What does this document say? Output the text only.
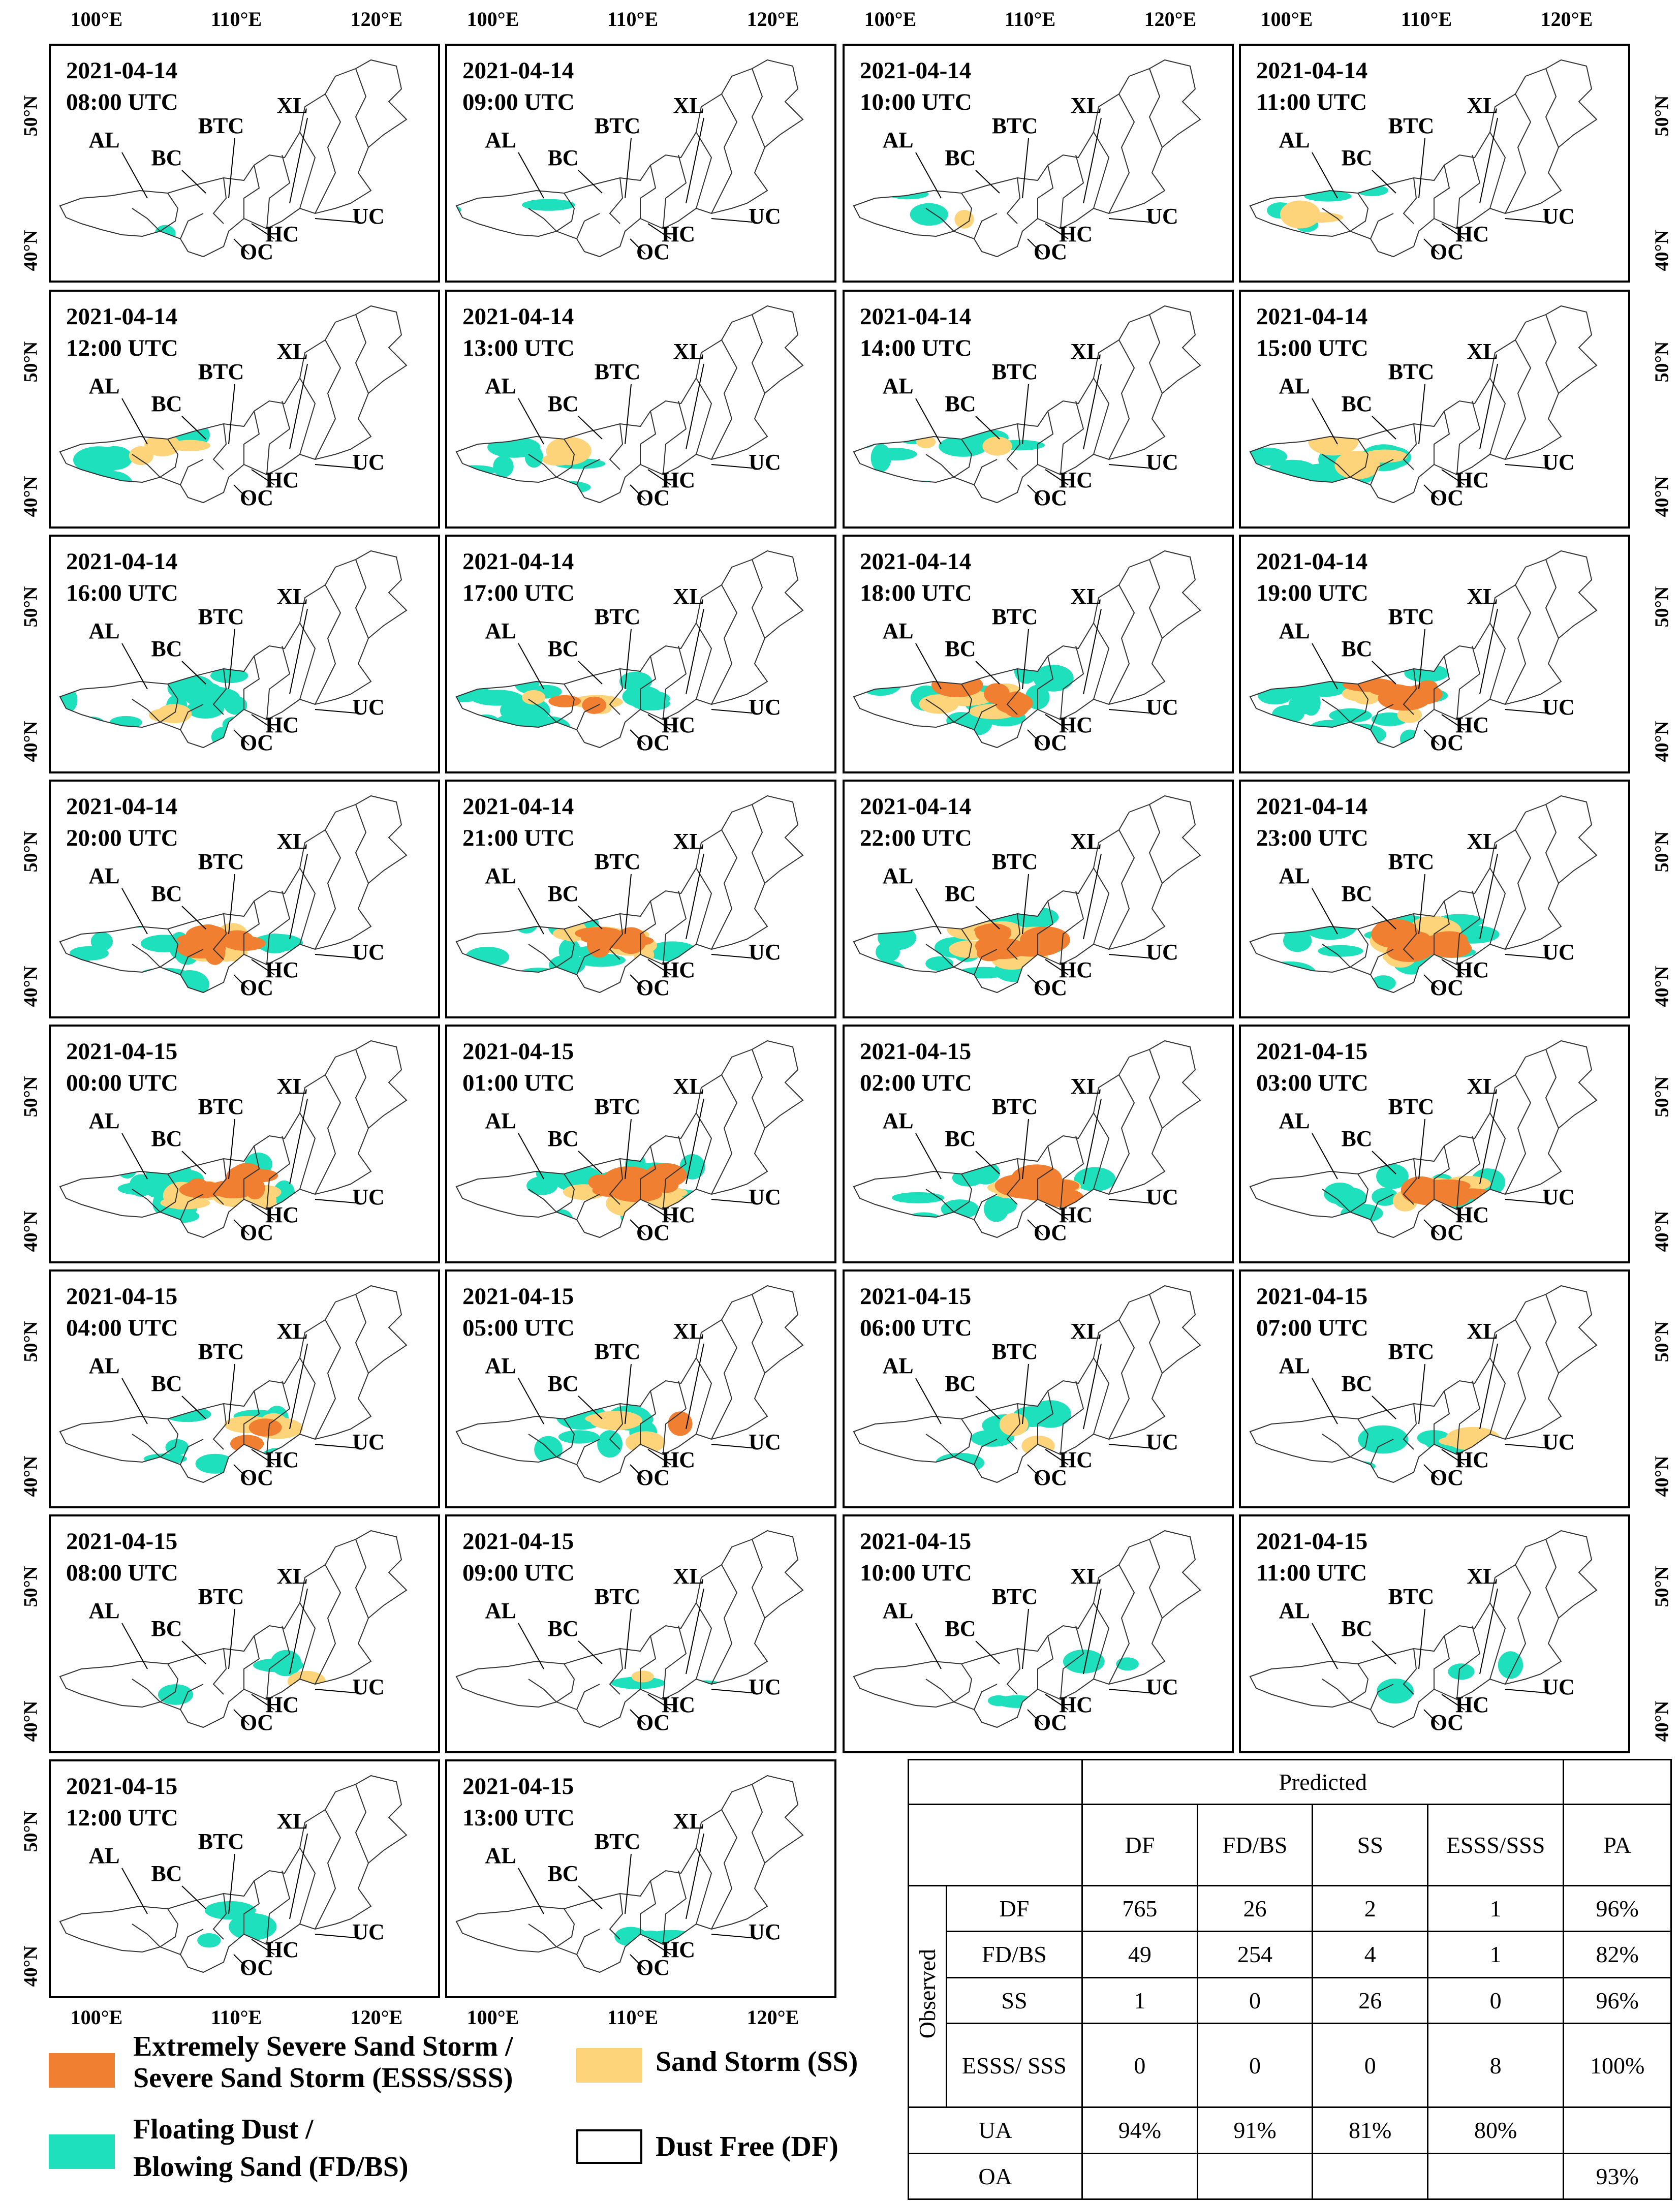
AL
BC
BTC
XL
UC
HC
OC
2021-04-14
08:00 UTC
AL
BC
BTC
XL
UC
HC
OC
2021-04-14
09:00 UTC
AL
BC
BTC
XL
UC
HC
OC
2021-04-14
10:00 UTC
AL
BC
BTC
XL
UC
HC
OC
2021-04-14
11:00 UTC
AL
BC
BTC
XL
UC
HC
OC
2021-04-14
12:00 UTC
AL
BC
BTC
XL
UC
HC
OC
2021-04-14
13:00 UTC
AL
BC
BTC
XL
UC
HC
OC
2021-04-14
14:00 UTC
AL
BC
BTC
XL
UC
HC
OC
2021-04-14
15:00 UTC
AL
BC
BTC
XL
UC
HC
OC
2021-04-14
16:00 UTC
AL
BC
BTC
XL
UC
HC
OC
2021-04-14
17:00 UTC
AL
BC
BTC
XL
UC
HC
OC
2021-04-14
18:00 UTC
AL
BC
BTC
XL
UC
HC
OC
2021-04-14
19:00 UTC
AL
BC
BTC
XL
UC
HC
OC
2021-04-14
20:00 UTC
AL
BC
BTC
XL
UC
HC
OC
2021-04-14
21:00 UTC
AL
BC
BTC
XL
UC
HC
OC
2021-04-14
22:00 UTC
AL
BC
BTC
XL
UC
HC
OC
2021-04-14
23:00 UTC
AL
BC
BTC
XL
UC
HC
OC
2021-04-15
00:00 UTC
AL
BC
BTC
XL
UC
HC
OC
2021-04-15
01:00 UTC
AL
BC
BTC
XL
UC
HC
OC
2021-04-15
02:00 UTC
AL
BC
BTC
XL
UC
HC
OC
2021-04-15
03:00 UTC
AL
BC
BTC
XL
UC
HC
OC
2021-04-15
04:00 UTC
AL
BC
BTC
XL
UC
HC
OC
2021-04-15
05:00 UTC
AL
BC
BTC
XL
UC
HC
OC
2021-04-15
06:00 UTC
AL
BC
BTC
XL
UC
HC
OC
2021-04-15
07:00 UTC
AL
BC
BTC
XL
UC
HC
OC
2021-04-15
08:00 UTC
AL
BC
BTC
XL
UC
HC
OC
2021-04-15
09:00 UTC
AL
BC
BTC
XL
UC
HC
OC
2021-04-15
10:00 UTC
AL
BC
BTC
XL
UC
HC
OC
2021-04-15
11:00 UTC
AL
BC
BTC
XL
UC
HC
OC
2021-04-15
12:00 UTC
AL
BC
BTC
XL
UC
HC
OC
2021-04-15
13:00 UTC
100°E	110°E	120°E
100°E	110°E	120°E
100°E	110°E	120°E
100°E	110°E	120°E
100°E	110°E	120°E	100°E	110°E	120°E
50°N
40°N
50°N
40°N
50°N
40°N
50°N
40°N
50°N
40°N
50°N
40°N
50°N
40°N
50°N
40°N
50°N
40°N
50°N
40°N
50°N
40°N
50°N
40°N
50°N
40°N
50°N
40°N
50°N
40°N
Extremely Severe Sand Storm /
Severe Sand Storm (ESSS/SSS)
Sand Storm (SS)
Floating Dust /
Blowing Sand (FD/BS)
Dust Free (DF)
		Predicted				
		DF	FD/BS	SS	ESSS/SSS	PA
Observed	DF	765	26	2	1	96%
	FD/BS	49	254	4	1	82%
	SS	1	0	26	0	96%
	ESSS/ SSS	0	0	0	8	100%
UA		94%	91%	81%	80%	
OA						93%
